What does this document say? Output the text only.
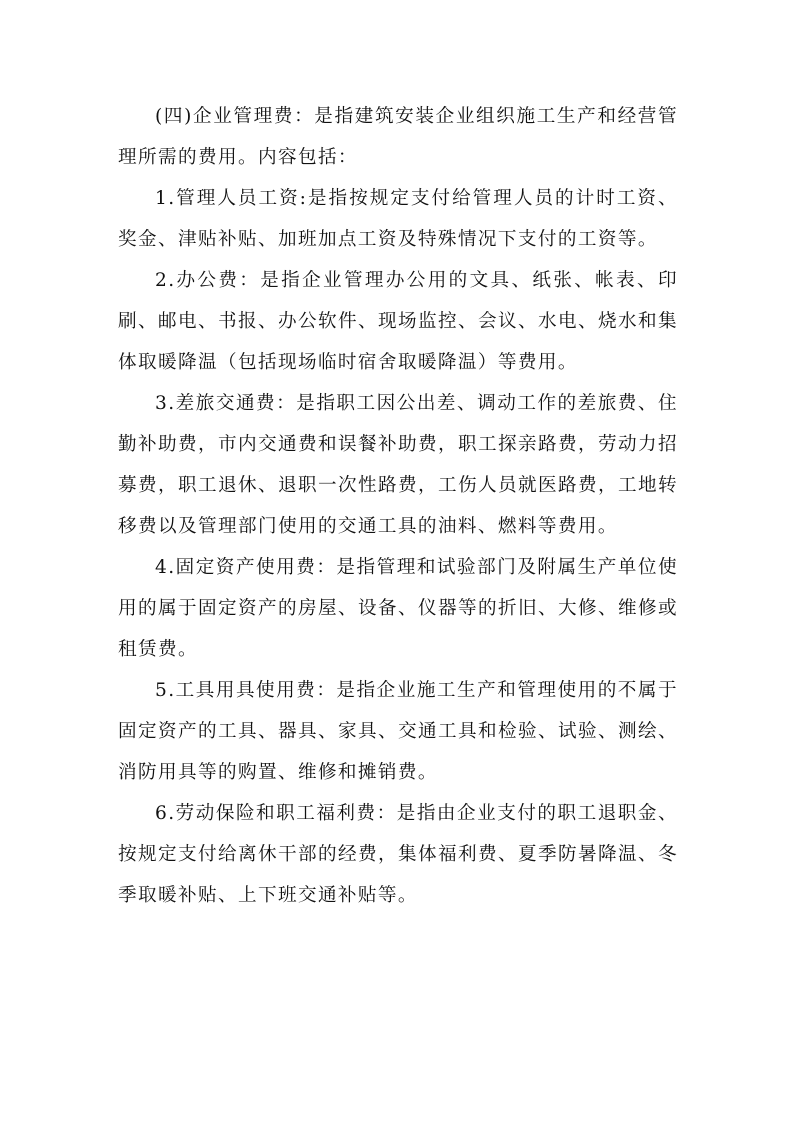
(四)企业管理费：是指建筑安装企业组织施工生产和经营管理所需的费用。内容包括：

1.管理人员工资:是指按规定支付给管理人员的计时工资、奖金、津贴补贴、加班加点工资及特殊情况下支付的工资等。

2.办公费：是指企业管理办公用的文具、纸张、帐表、印刷、邮电、书报、办公软件、现场监控、会议、水电、烧水和集体取暖降温（包括现场临时宿舍取暖降温）等费用。

3.差旅交通费：是指职工因公出差、调动工作的差旅费、住勤补助费，市内交通费和误餐补助费，职工探亲路费，劳动力招募费，职工退休、退职一次性路费，工伤人员就医路费，工地转移费以及管理部门使用的交通工具的油料、燃料等费用。

4.固定资产使用费：是指管理和试验部门及附属生产单位使用的属于固定资产的房屋、设备、仪器等的折旧、大修、维修或租赁费。

5.工具用具使用费：是指企业施工生产和管理使用的不属于固定资产的工具、器具、家具、交通工具和检验、试验、测绘、消防用具等的购置、维修和摊销费。

6.劳动保险和职工福利费：是指由企业支付的职工退职金、按规定支付给离休干部的经费，集体福利费、夏季防暑降温、冬季取暖补贴、上下班交通补贴等。
